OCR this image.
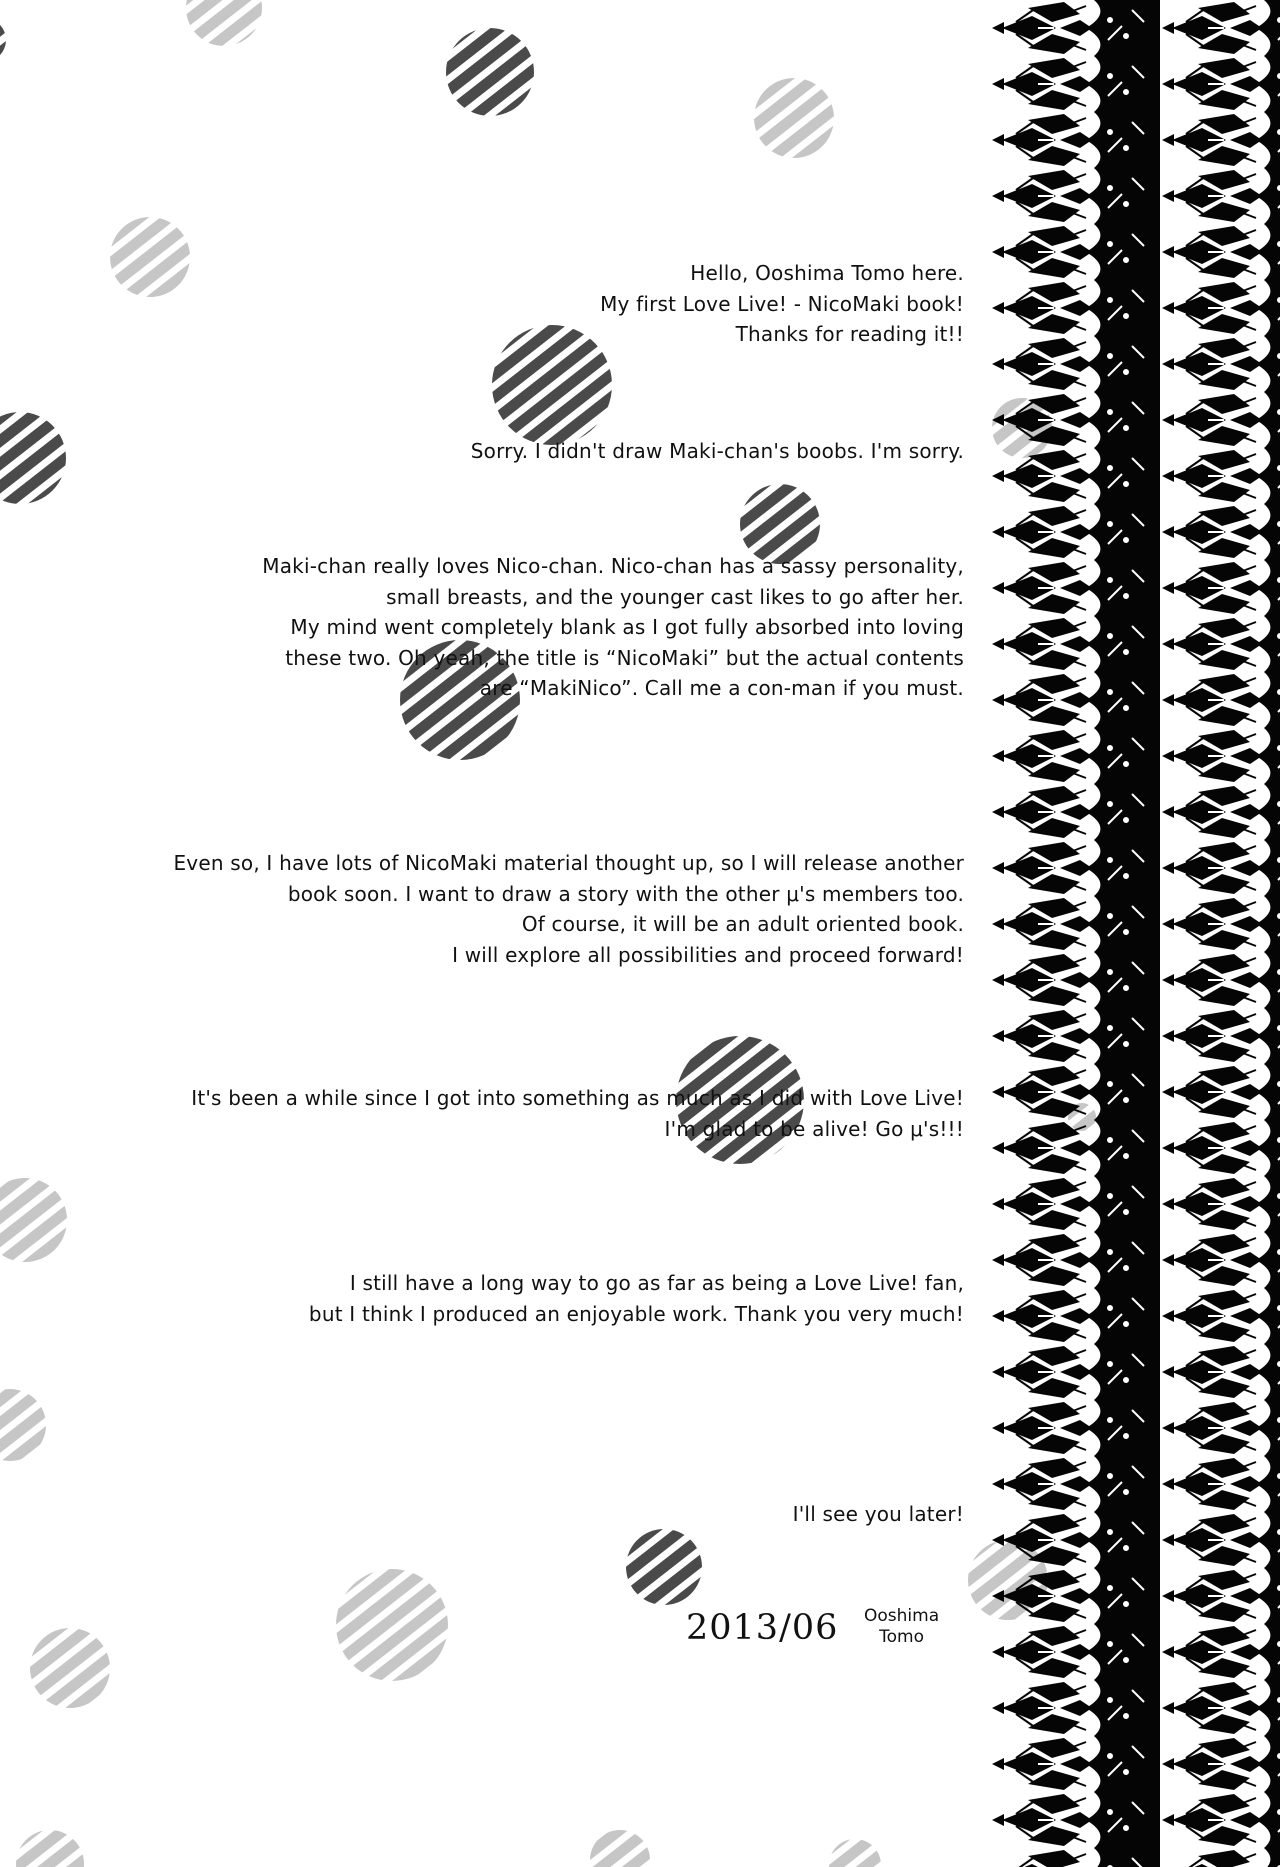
Hello, Ooshima Tomo here.
My first Love Live! - NicoMaki book!
Thanks for reading it!!
Sorry. I didn't draw Maki-chan's boobs. I'm sorry.
Maki-chan really loves Nico-chan. Nico-chan has a sassy personality,
small breasts, and the younger cast likes to go after her.
My mind went completely blank as I got fully absorbed into loving
these two. Oh yeah, the title is “NicoMaki” but the actual contents
are “MakiNico”. Call me a con-man if you must.
Even so, I have lots of NicoMaki material thought up, so I will release another
book soon. I want to draw a story with the other μ's members too.
Of course, it will be an adult oriented book.
I will explore all possibilities and proceed forward!
It's been a while since I got into something as much as I did with Love Live!
I'm glad to be alive! Go μ's!!!
I still have a long way to go as far as being a Love Live! fan,
but I think I produced an enjoyable work. Thank you very much!
I'll see you later!
2013/06 Ooshima
Tomo
